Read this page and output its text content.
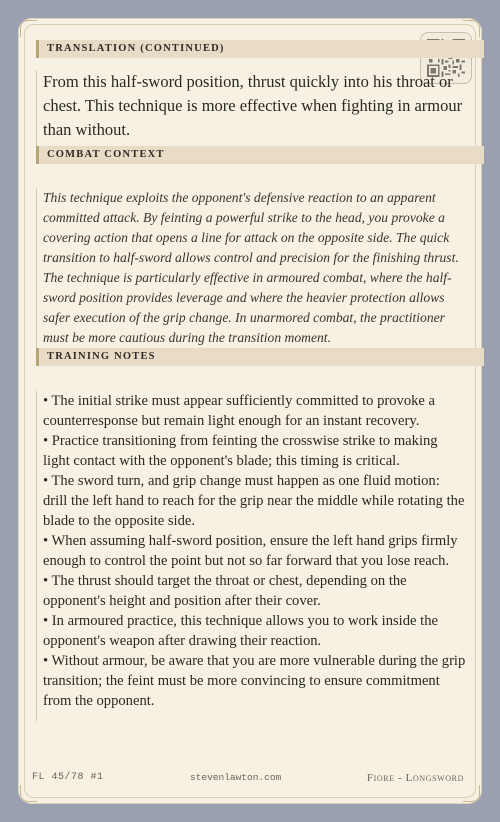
TRANSLATION (CONTINUED)
From this half-sword position, thrust quickly into his throat or chest. This technique is more effective when fighting in armour than without.
COMBAT CONTEXT
This technique exploits the opponent's defensive reaction to an apparent committed attack. By feinting a powerful strike to the head, you provoke a covering action that opens a line for attack on the opposite side. The quick transition to half-sword allows control and precision for the finishing thrust. The technique is particularly effective in armoured combat, where the half-sword position provides leverage and where the heavier protection allows safer execution of the grip change. In unarmored combat, the practitioner must be more cautious during the transition moment.
TRAINING NOTES

• The initial strike must appear sufficiently committed to provoke a counterresponse but remain light enough for an instant recovery.

• Practice transitioning from feinting the crosswise strike to making light contact with the opponent's blade; this timing is critical.

• The sword turn, and grip change must happen as one fluid motion: drill the left hand to reach for the grip near the middle while rotating the blade to the opposite side.

• When assuming half-sword position, ensure the left hand grips firmly enough to control the point but not so far forward that you lose reach.

• The thrust should target the throat or chest, depending on the opponent's height and position after their cover.

• In armoured practice, this technique allows you to work inside the opponent's weapon after drawing their reaction.

• Without armour, be aware that you are more vulnerable during the grip transition; the feint must be more convincing to ensure commitment from the opponent.

FL 45/78 #1	stevenlawton.com	Fiore - Longsword
